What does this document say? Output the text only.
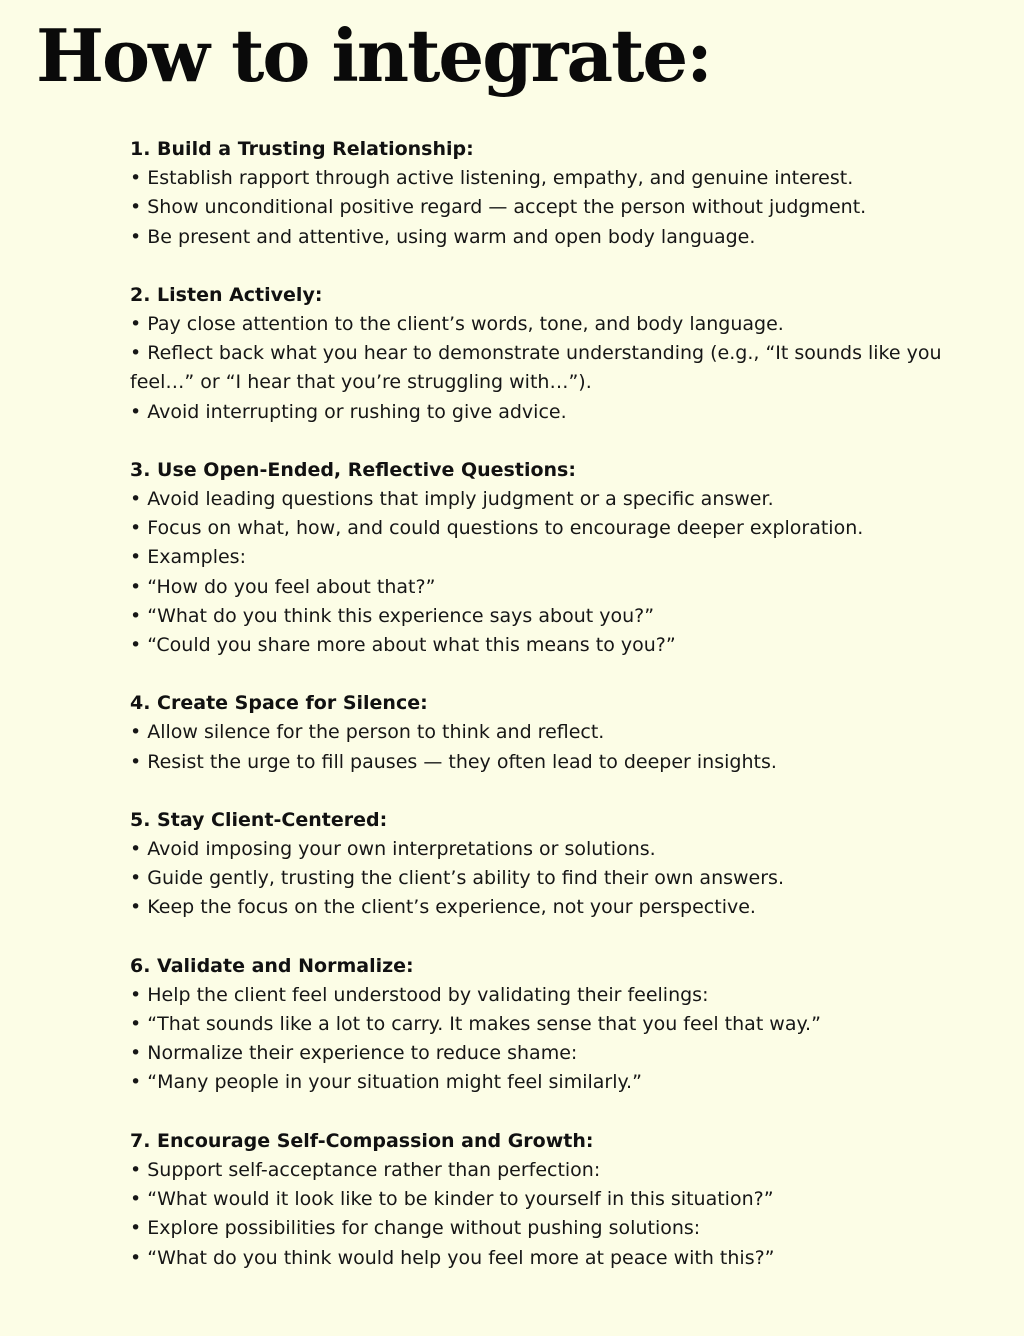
How to integrate:
1. Build a Trusting Relationship:
• Establish rapport through active listening, empathy, and genuine interest.
• Show unconditional positive regard — accept the person without judgment.
• Be present and attentive, using warm and open body language.
2. Listen Actively:
• Pay close attention to the client’s words, tone, and body language.
• Reflect back what you hear to demonstrate understanding (e.g., “It sounds like you feel…” or “I hear that you’re struggling with…”).
• Avoid interrupting or rushing to give advice.
3. Use Open-Ended, Reflective Questions:
• Avoid leading questions that imply judgment or a specific answer.
• Focus on what, how, and could questions to encourage deeper exploration.
• Examples:
• “How do you feel about that?”
• “What do you think this experience says about you?”
• “Could you share more about what this means to you?”
4. Create Space for Silence:
• Allow silence for the person to think and reflect.
• Resist the urge to fill pauses — they often lead to deeper insights.
5. Stay Client-Centered:
• Avoid imposing your own interpretations or solutions.
• Guide gently, trusting the client’s ability to find their own answers.
• Keep the focus on the client’s experience, not your perspective.
6. Validate and Normalize:
• Help the client feel understood by validating their feelings:
• “That sounds like a lot to carry. It makes sense that you feel that way.”
• Normalize their experience to reduce shame:
• “Many people in your situation might feel similarly.”
7. Encourage Self-Compassion and Growth:
• Support self-acceptance rather than perfection:
• “What would it look like to be kinder to yourself in this situation?”
• Explore possibilities for change without pushing solutions:
• “What do you think would help you feel more at peace with this?”
